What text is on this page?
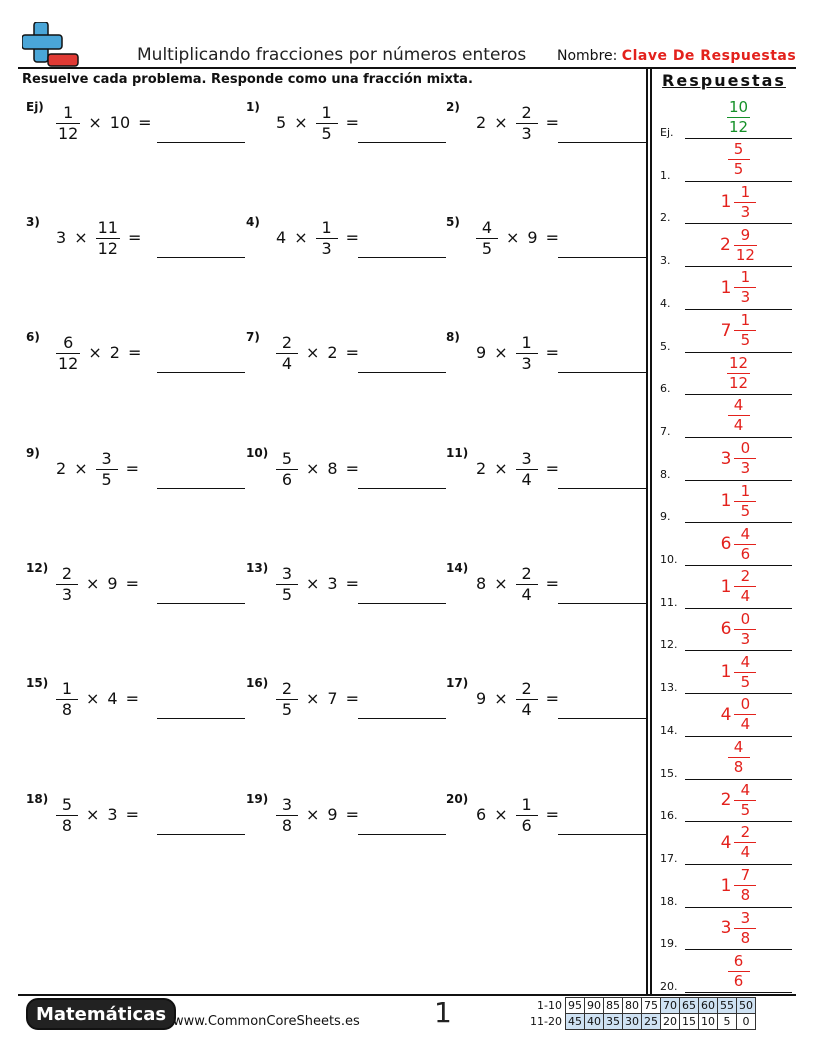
Multiplicando fracciones por números enteros Nombre: Clave De Respuestas
Resuelve cada problema. Responde como una fracción mixta.	Respuestas
$Ej) \frac{1}{12} \times 10$ =
1)
$5 \times \frac{1}{5}$ =
2)
$2 \times \frac{2}{3}$ =
3)
$3 \times \frac{11}{12}$ =
4)
$4 \times \frac{1}{3}$ =
$5) \frac{4}{5} \times 9$ =
$6) \frac{6}{12} \times 2$ =
$7) \frac{2}{4} \times 2$ =
8)
$9 \times \frac{1}{3}$ =
9)
$2 \times \frac{3}{5}$ =
$10) \frac{5}{6} \times 8$ =
11)
$2 \times \frac{3}{4}$ =
$12) \frac{2}{3} \times 9$ =
$13) \frac{3}{5} \times 3$ =
14)
$8 \times \frac{2}{4}$ =
$15) \frac{1}{8} \times 4$ =
$16) \frac{2}{5} \times 7$ =
17)
$9 \times \frac{2}{4}$ =
$18) \frac{5}{8} \times 3$ =
$19) \frac{3}{8} \times 9$ =
20)
$6 \times \frac{1}{6}$ =
Ej.	$\frac{10}{12}$
1.	$\frac{5}{5}$
2.
$1 \frac{1}{3}$
3.
$2 \frac{9}{12}$
4.
$1 \frac{1}{3}$
5.
$7 \frac{1}{5}$
6.	$\frac{12}{12}$
7.	$\frac{4}{4}$
8.
$3 \frac{0}{3}$
9.
$1 \frac{1}{5}$
10.
$6 \frac{4}{6}$
11.
$1 \frac{2}{4}$
12.
$6 \frac{0}{3}$
13.
$1 \frac{4}{5}$
14.
$4 \frac{0}{4}$
15.	$\frac{4}{8}$
16.
$2 \frac{4}{5}$
17.
$4 \frac{2}{4}$
18.
$1 \frac{7}{8}$
19.
$3 \frac{3}{8}$
20.	$\frac{6}{6}$
Matemáticas www.CommonCoreSheets.es	1	1-10	95	90	85	80	75	70	65	60	55	50
11-20	45	40	35	30	25	20	15	10	5	0
